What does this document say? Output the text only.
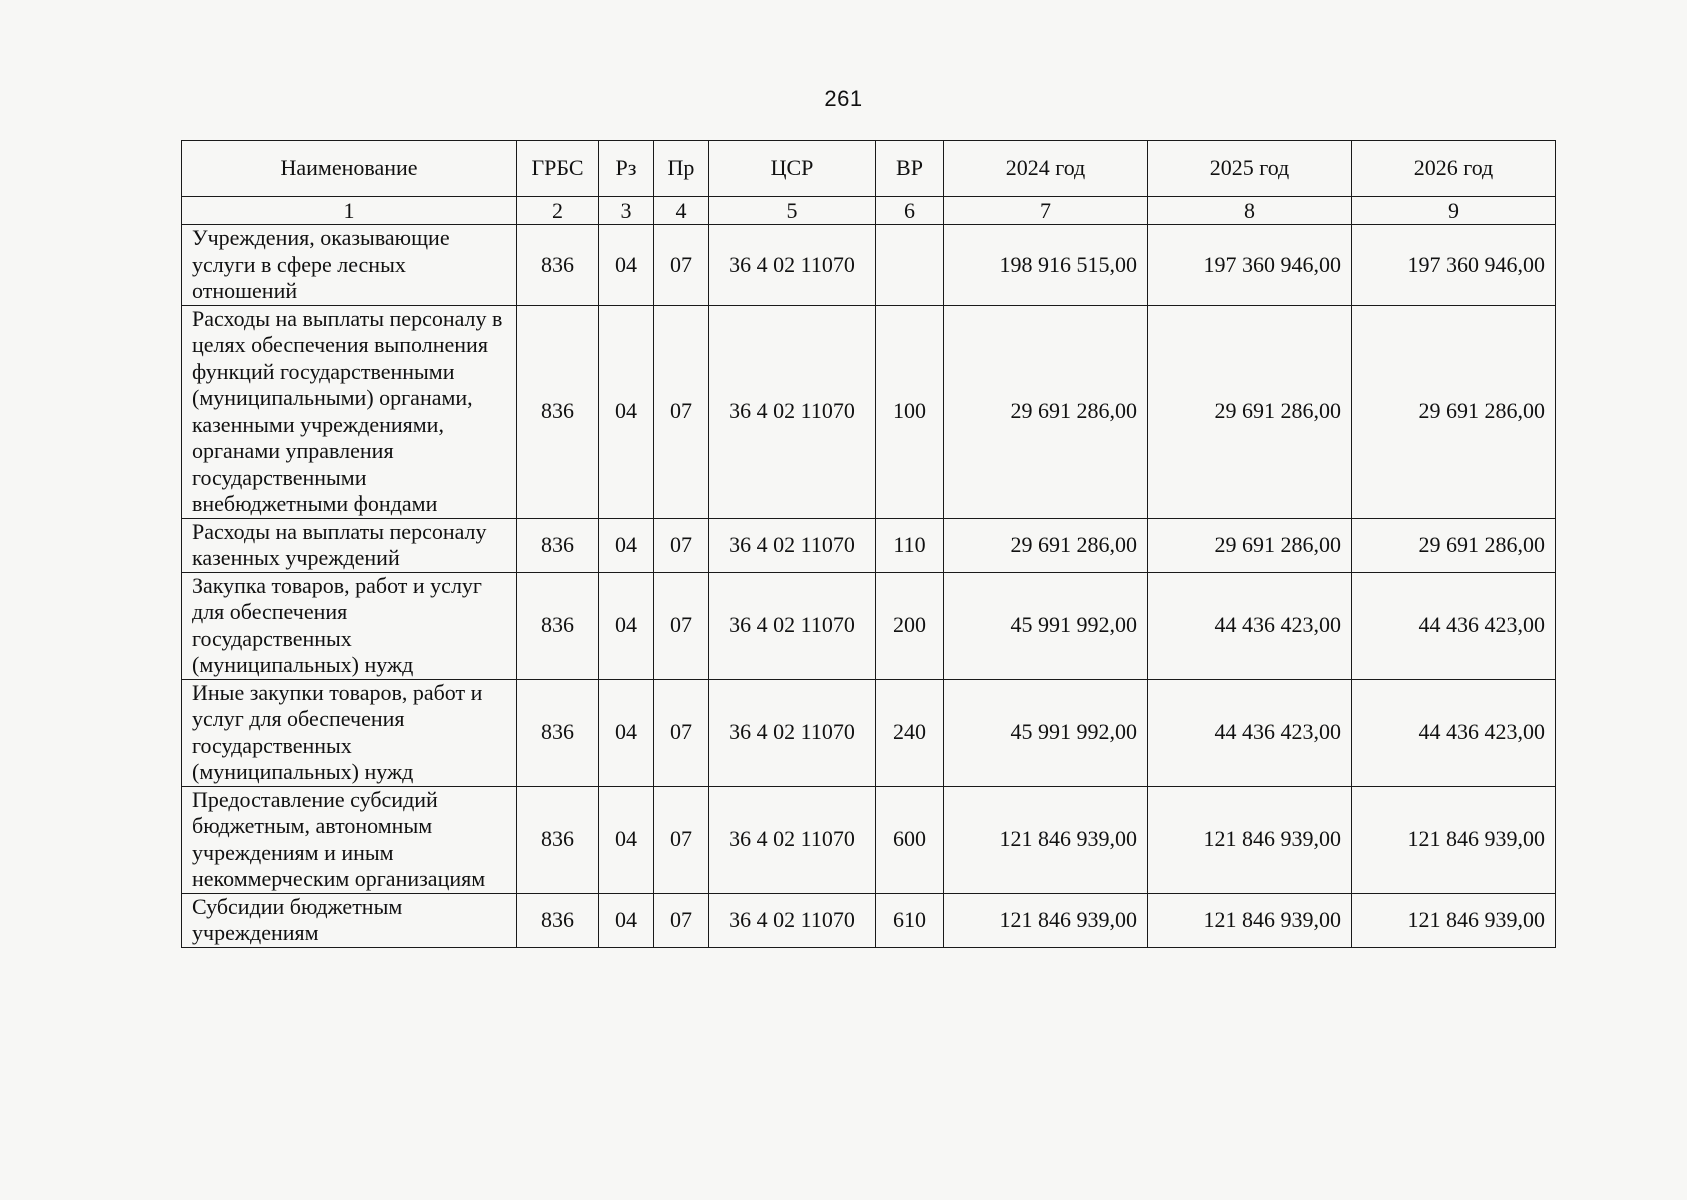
261
Наименование	ГРБС	Рз	Пр	ЦСР	ВР	2024 год	2025 год	2026 год
1	2	3	4	5	6	7	8	9
Учреждения, оказывающие услуги в сфере лесных отношений	836	04	07	36 4 02 11070		198 916 515,00	197 360 946,00	197 360 946,00
Расходы на выплаты персоналу в целях обеспечения выполнения функций государственными (муниципальными) органами, казенными учреждениями, органами управления государственными внебюджетными фондами	836	04	07	36 4 02 11070	100	29 691 286,00	29 691 286,00	29 691 286,00
Расходы на выплаты персоналу казенных учреждений	836	04	07	36 4 02 11070	110	29 691 286,00	29 691 286,00	29 691 286,00
Закупка товаров, работ и услуг для обеспечения государственных (муниципальных) нужд	836	04	07	36 4 02 11070	200	45 991 992,00	44 436 423,00	44 436 423,00
Иные закупки товаров, работ и услуг для обеспечения государственных (муниципальных) нужд	836	04	07	36 4 02 11070	240	45 991 992,00	44 436 423,00	44 436 423,00
Предоставление субсидий бюджетным, автономным учреждениям и иным некоммерческим организациям	836	04	07	36 4 02 11070	600	121 846 939,00	121 846 939,00	121 846 939,00
Субсидии бюджетным учреждениям	836	04	07	36 4 02 11070	610	121 846 939,00	121 846 939,00	121 846 939,00
